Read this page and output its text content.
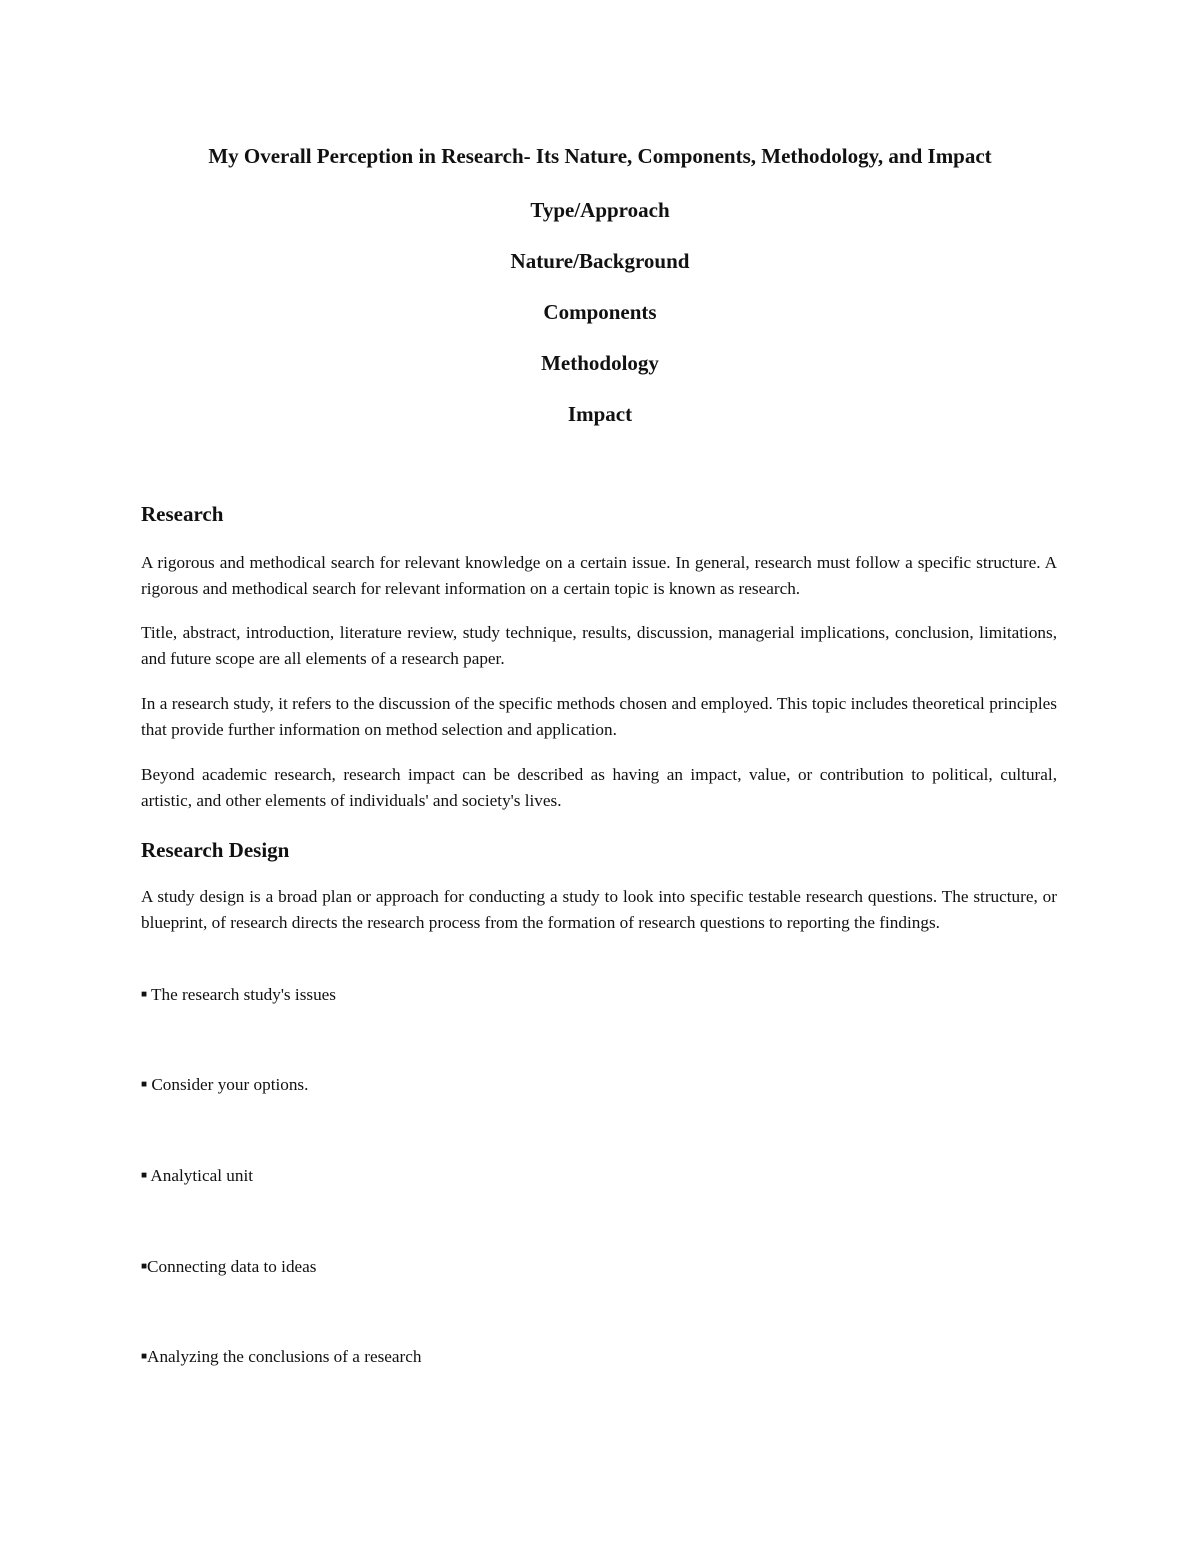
My Overall Perception in Research- Its Nature, Components, Methodology, and Impact

Type/Approach

Nature/Background

Components

Methodology

Impact

Research

A rigorous and methodical search for relevant knowledge on a certain issue. In general, research must follow a specific structure. A rigorous and methodical search for relevant information on a certain topic is known as research.

Title, abstract, introduction, literature review, study technique, results, discussion, managerial implications, conclusion, limitations, and future scope are all elements of a research paper.

In a research study, it refers to the discussion of the specific methods chosen and employed. This topic includes theoretical principles that provide further information on method selection and application.

Beyond academic research, research impact can be described as having an impact, value, or contribution to political, cultural, artistic, and other elements of individuals' and society's lives.

Research Design

A study design is a broad plan or approach for conducting a study to look into specific testable research questions. The structure, or blueprint, of research directs the research process from the formation of research questions to reporting the findings.

■ The research study's issues

■ Consider your options.

■ Analytical unit

■Connecting data to ideas

■Analyzing the conclusions of a research
